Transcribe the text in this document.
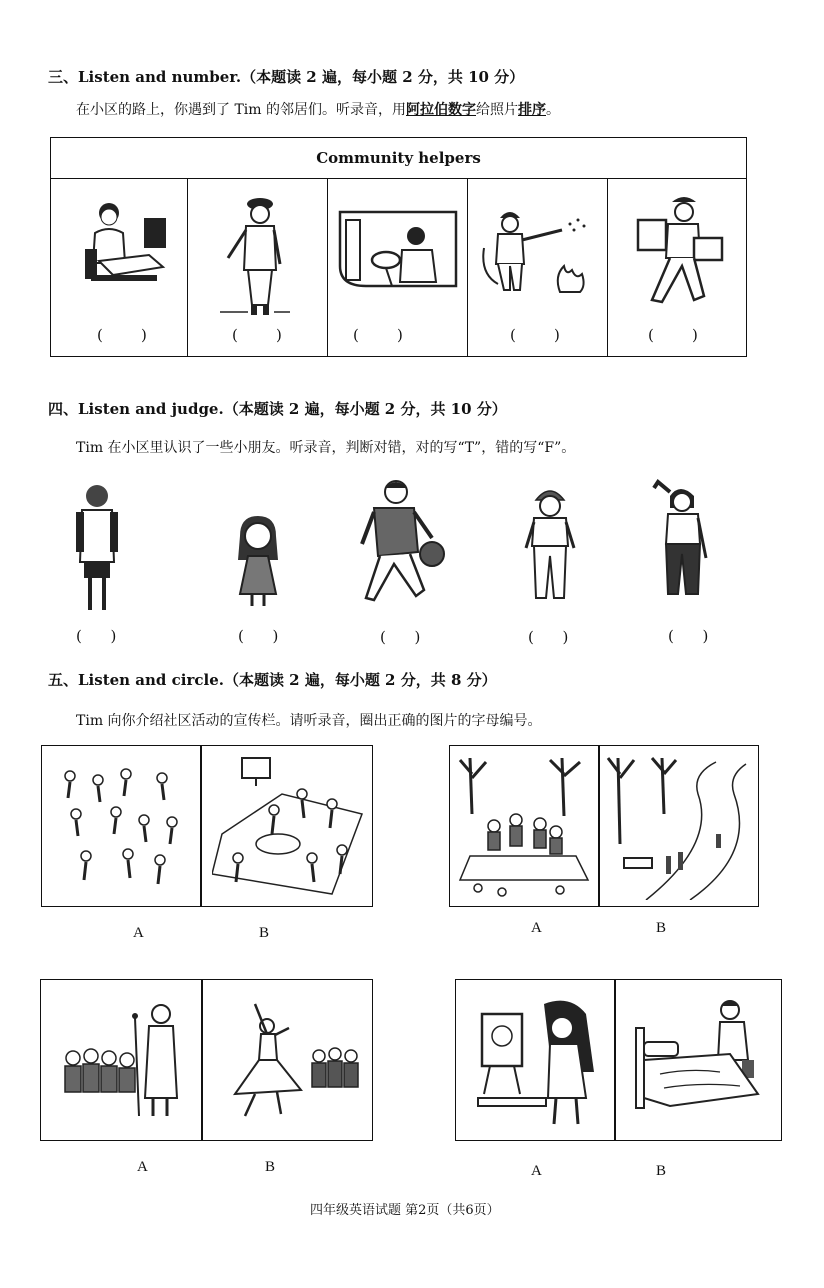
三、Listen and number.（本题读 2 遍，每小题 2 分，共 10 分）
在小区的路上，你遇到了 Tim 的邻居们。听录音，用阿拉伯数字给照片排序。
Community helpers
(        )	(        )	(        )	(        )	(        )
四、Listen and judge.（本题读 2 遍，每小题 2 分，共 10 分）
Tim 在小区里认识了一些小朋友。听录音，判断对错，对的写“T”，错的写“F”。
(      )	(      )	(      )	(      )	(      )
五、Listen and circle.（本题读 2 遍，每小题 2 分，共 8 分）
Tim 向你介绍社区活动的宣传栏。请听录音，圈出正确的图片的字母编号。
A	B	A	B
A	B	A	B
四年级英语试题 第2页（共6页）
